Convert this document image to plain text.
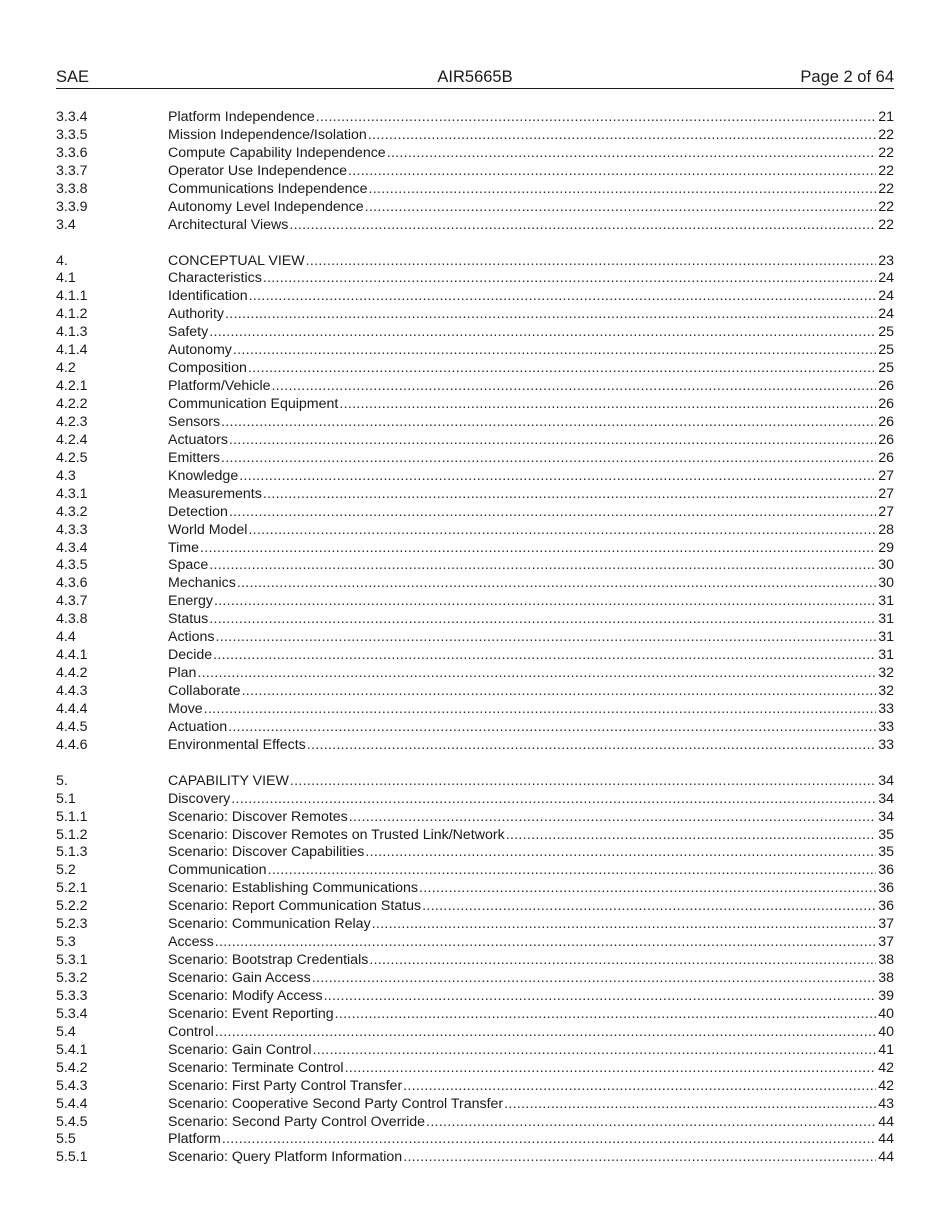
AIR5665B
SAE	Page 2 of 64
3.3.4	Platform Independence .....	21
3.3.5	Mission Independence/Isolation .....	22
3.3.6	Compute Capability Independence .....	22
3.3.7	Operator Use Independence .....	22
3.3.8	Communications Independence .....	22
3.3.9	Autonomy Level Independence .....	22
3.4	Architectural Views .....	22
4.	CONCEPTUAL VIEW .....	23
4.1	Characteristics .....	24
4.1.1	Identification .....	24
4.1.2	Authority .....	24
4.1.3	Safety .....	25
4.1.4	Autonomy .....	25
4.2	Composition .....	25
4.2.1	Platform/Vehicle .....	26
4.2.2	Communication Equipment .....	26
4.2.3	Sensors .....	26
4.2.4	Actuators .....	26
4.2.5	Emitters .....	26
4.3	Knowledge .....	27
4.3.1	Measurements .....	27
4.3.2	Detection .....	27
4.3.3	World Model .....	28
4.3.4	Time .....	29
4.3.5	Space .....	30
4.3.6	Mechanics .....	30
4.3.7	Energy .....	31
4.3.8	Status .....	31
4.4	Actions .....	31
4.4.1	Decide .....	31
4.4.2	Plan .....	32
4.4.3	Collaborate .....	32
4.4.4	Move .....	33
4.4.5	Actuation .....	33
4.4.6	Environmental Effects .....	33
5.	CAPABILITY VIEW .....	34
5.1	Discovery .....	34
5.1.1	Scenario: Discover Remotes .....	34
5.1.2	Scenario: Discover Remotes on Trusted Link/Network .....	35
5.1.3	Scenario: Discover Capabilities .....	35
5.2	Communication .....	36
5.2.1	Scenario: Establishing Communications .....	36
5.2.2	Scenario: Report Communication Status .....	36
5.2.3	Scenario: Communication Relay .....	37
5.3	Access .....	37
5.3.1	Scenario: Bootstrap Credentials .....	38
5.3.2	Scenario: Gain Access .....	38
5.3.3	Scenario: Modify Access .....	39
5.3.4	Scenario: Event Reporting .....	40
5.4	Control .....	40
5.4.1	Scenario: Gain Control .....	41
5.4.2	Scenario: Terminate Control .....	42
5.4.3	Scenario: First Party Control Transfer .....	42
5.4.4	Scenario: Cooperative Second Party Control Transfer .....	43
5.4.5	Scenario: Second Party Control Override .....	44
5.5	Platform .....	44
5.5.1	Scenario: Query Platform Information .....	44
